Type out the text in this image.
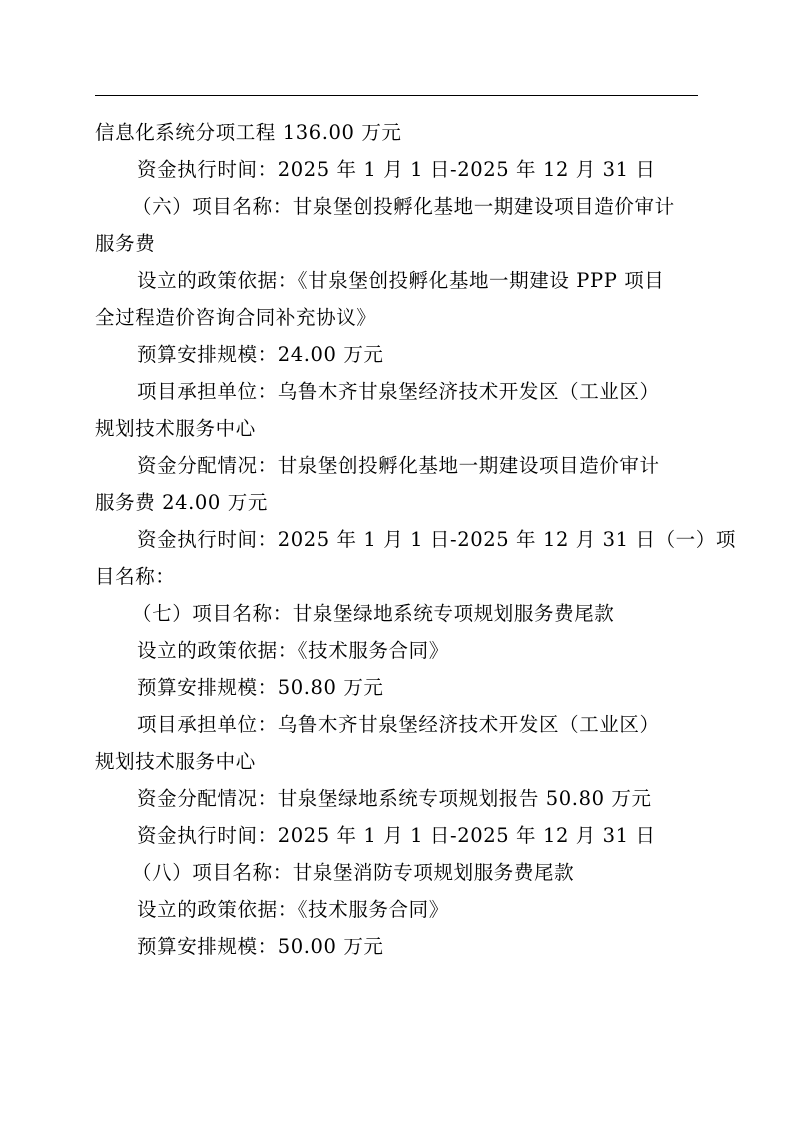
信息化系统分项工程 136.00 万元
资金执行时间：2025 年 1 月 1 日-2025 年 12 月 31 日
（六）项目名称：甘泉堡创投孵化基地一期建设项目造价审计
服务费
设立的政策依据：《甘泉堡创投孵化基地一期建设 PPP 项目
全过程造价咨询合同补充协议》
预算安排规模：24.00 万元
项目承担单位：乌鲁木齐甘泉堡经济技术开发区（工业区）
规划技术服务中心
资金分配情况：甘泉堡创投孵化基地一期建设项目造价审计
服务费 24.00 万元
资金执行时间：2025 年 1 月 1 日-2025 年 12 月 31 日（一）项
目名称：
（七）项目名称：甘泉堡绿地系统专项规划服务费尾款
设立的政策依据：《技术服务合同》
预算安排规模：50.80 万元
项目承担单位：乌鲁木齐甘泉堡经济技术开发区（工业区）
规划技术服务中心
资金分配情况：甘泉堡绿地系统专项规划报告 50.80 万元
资金执行时间：2025 年 1 月 1 日-2025 年 12 月 31 日
（八）项目名称：甘泉堡消防专项规划服务费尾款
设立的政策依据：《技术服务合同》
预算安排规模：50.00 万元
